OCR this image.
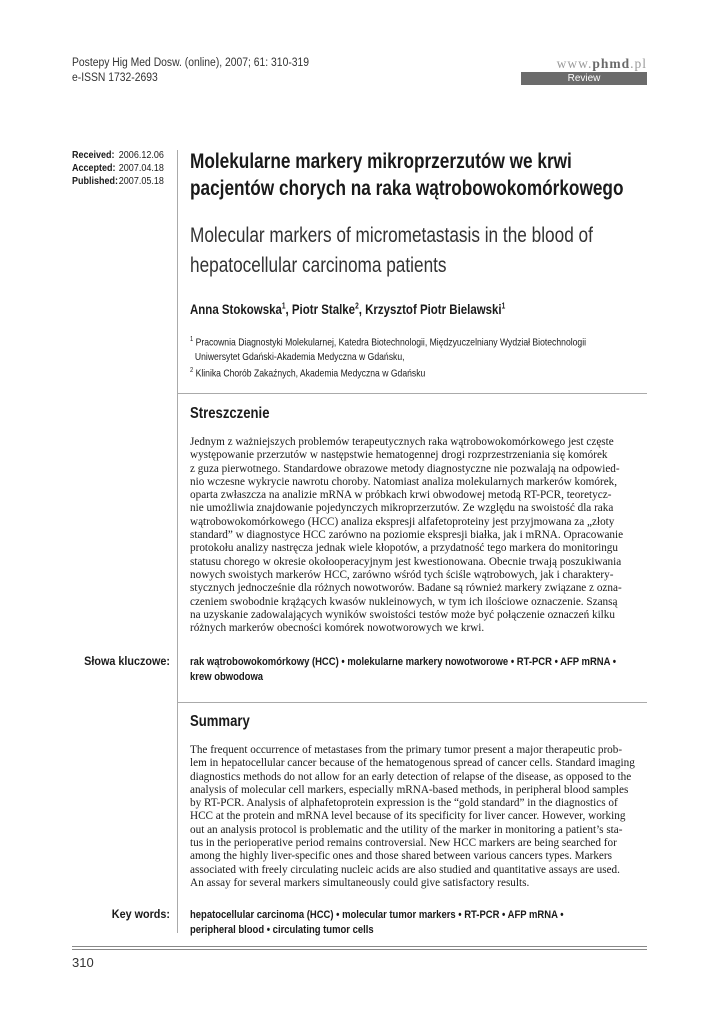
Postepy Hig Med Dosw. (online), 2007; 61: 310-319
e-ISSN 1732-2693
www.phmd.pl
Review
Received: 2006.12.06
Accepted: 2007.04.18
Published:2007.05.18
Molekularne markery mikroprzerzutów we krwi
pacjentów chorych na raka wątrobowokomórkowego
Molecular markers of micrometastasis in the blood of
hepatocellular carcinoma patients
Anna Stokowska$^1$, Piotr Stalke$^2$, Krzysztof Piotr Bielawski$^1$
$^1$ Pracownia Diagnostyki Molekularnej, Katedra Biotechnologii, Międzyuczelniany Wydział Biotechnologii
Uniwersytet Gdański-Akademia Medyczna w Gdańsku,
$^2$ Klinika Chorób Zakaźnych, Akademia Medyczna w Gdańsku
Streszczenie
Jednym z ważniejszych problemów terapeutycznych raka wątrobowokomórkowego jest częste
występowanie przerzutów w następstwie hematogennej drogi rozprzestrzeniania się komórek
z guza pierwotnego. Standardowe obrazowe metody diagnostyczne nie pozwalają na odpowied-
nio wczesne wykrycie nawrotu choroby. Natomiast analiza molekularnych markerów komórek,
oparta zwłaszcza na analizie mRNA w próbkach krwi obwodowej metodą RT-PCR, teoretycz-
nie umożliwia znajdowanie pojedynczych mikroprzerzutów. Ze względu na swoistość dla raka
wątrobowokomórkowego (HCC) analiza ekspresji alfafetoproteiny jest przyjmowana za „złoty
standard” w diagnostyce HCC zarówno na poziomie ekspresji białka, jak i mRNA. Opracowanie
protokołu analizy nastręcza jednak wiele kłopotów, a przydatność tego markera do monitoringu
statusu chorego w okresie okołooperacyjnym jest kwestionowana. Obecnie trwają poszukiwania
nowych swoistych markerów HCC, zarówno wśród tych ściśle wątrobowych, jak i charaktery-
stycznych jednocześnie dla różnych nowotworów. Badane są również markery związane z ozna-
czeniem swobodnie krążących kwasów nukleinowych, w tym ich ilościowe oznaczenie. Szansą
na uzyskanie zadowalających wyników swoistości testów może być połączenie oznaczeń kilku
różnych markerów obecności komórek nowotworowych we krwi.
Słowa kluczowe: rak wątrobowokomórkowy (HCC) • molekularne markery nowotworowe • RT-PCR • AFP mRNA •
krew obwodowa
Summary
The frequent occurrence of metastases from the primary tumor present a major therapeutic prob-
lem in hepatocellular cancer because of the hematogenous spread of cancer cells. Standard imaging
diagnostics methods do not allow for an early detection of relapse of the disease, as opposed to the
analysis of molecular cell markers, especially mRNA-based methods, in peripheral blood samples
by RT-PCR. Analysis of alphafetoprotein expression is the “gold standard” in the diagnostics of
HCC at the protein and mRNA level because of its specificity for liver cancer. However, working
out an analysis protocol is problematic and the utility of the marker in monitoring a patient’s sta-
tus in the perioperative period remains controversial. New HCC markers are being searched for
among the highly liver-specific ones and those shared between various cancers types. Markers
associated with freely circulating nucleic acids are also studied and quantitative assays are used.
An assay for several markers simultaneously could give satisfactory results.
Key words: hepatocellular carcinoma (HCC) • molecular tumor markers • RT-PCR • AFP mRNA •
peripheral blood • circulating tumor cells
310
